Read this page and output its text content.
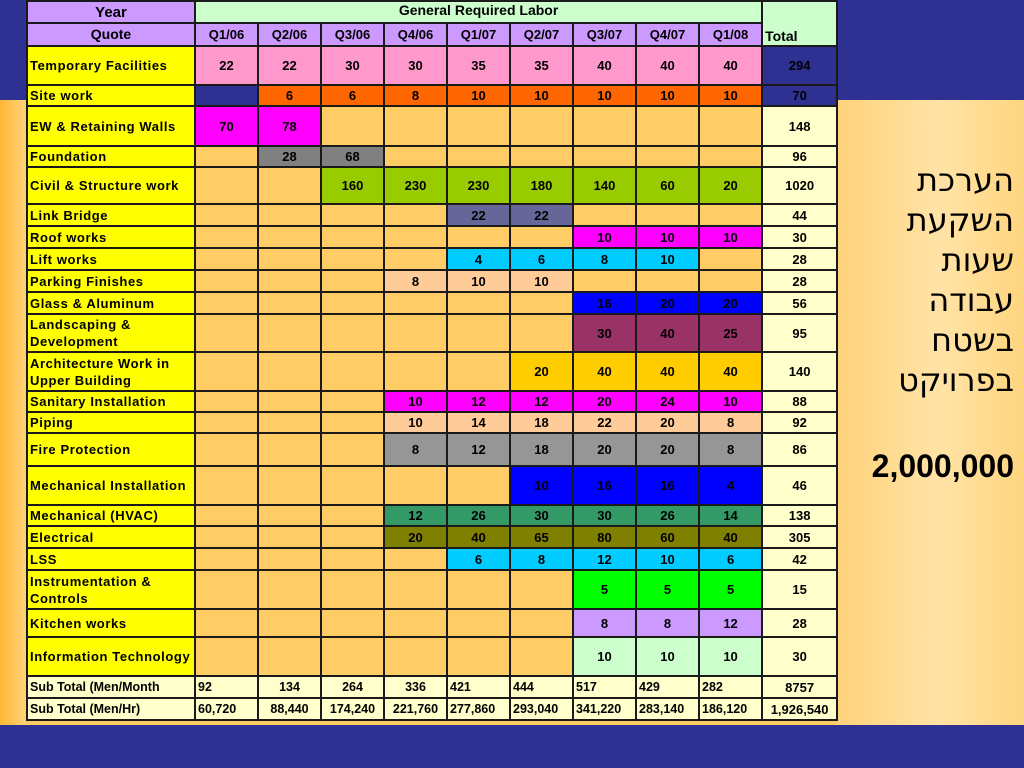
Year	General Required Labor									Total
Quote	Q1/06	Q2/06	Q3/06	Q4/06	Q1/07	Q2/07	Q3/07	Q4/07	Q1/08	
Temporary Facilities	22	22	30	30	35	35	40	40	40	294
Site work		6	6	8	10	10	10	10	10	70
EW & Retaining Walls	70	78								148
Foundation		28	68							96
Civil & Structure work			160	230	230	180	140	60	20	1020
Link Bridge					22	22				44
Roof works							10	10	10	30
Lift works					4	6	8	10		28
Parking Finishes				8	10	10				28
Glass & Aluminum							16	20	20	56
Landscaping & Development							30	40	25	95
Architecture Work in Upper Building						20	40	40	40	140
Sanitary Installation				10	12	12	20	24	10	88
Piping				10	14	18	22	20	8	92
Fire Protection				8	12	18	20	20	8	86
Mechanical Installation						10	16	16	4	46
Mechanical (HVAC)				12	26	30	30	26	14	138
Electrical				20	40	65	80	60	40	305
LSS					6	8	12	10	6	42
Instrumentation & Controls							5	5	5	15
Kitchen works							8	8	12	28
Information Technology							10	10	10	30
Sub Total (Men/Month	92	134	264	336	421	444	517	429	282	8757
Sub Total (Men/Hr)	60,720	88,440	174,240	221,760	277,860	293,040	341,220	283,140	186,120	1,926,540
הערכת
השקעת
שעות
עבודה
בשטח
בפרויקט
2,000,000
